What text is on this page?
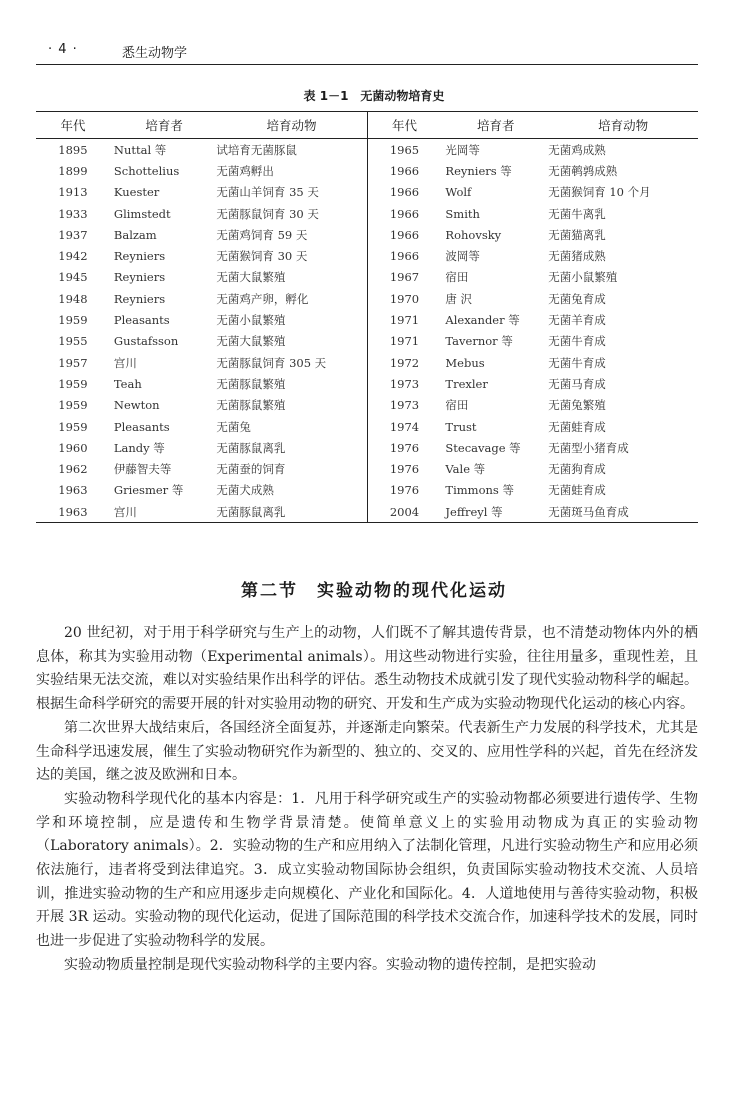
· 4 ·	悉生动物学
表 1－1　无菌动物培育史
年代	培育者	培育动物	年代	培育者	培育动物
1895	Nuttal 等	试培育无菌豚鼠	1965	光岡等	无菌鸡成熟
1899	Schottelius	无菌鸡孵出	1966	Reyniers 等	无菌鹌鹑成熟
1913	Kuester	无菌山羊饲育 35 天	1966	Wolf	无菌猴饲育 10 个月
1933	Glimstedt	无菌豚鼠饲育 30 天	1966	Smith	无菌牛离乳
1937	Balzam	无菌鸡饲育 59 天	1966	Rohovsky	无菌猫离乳
1942	Reyniers	无菌猴饲育 30 天	1966	波岡等	无菌猪成熟
1945	Reyniers	无菌大鼠繁殖	1967	宿田	无菌小鼠繁殖
1948	Reyniers	无菌鸡产卵，孵化	1970	唐 沢	无菌兔育成
1959	Pleasants	无菌小鼠繁殖	1971	Alexander 等	无菌羊育成
1955	Gustafsson	无菌大鼠繁殖	1971	Tavernor 等	无菌牛育成
1957	宫川	无菌豚鼠饲育 305 天	1972	Mebus	无菌牛育成
1959	Teah	无菌豚鼠繁殖	1973	Trexler	无菌马育成
1959	Newton	无菌豚鼠繁殖	1973	宿田	无菌兔繁殖
1959	Pleasants	无菌兔	1974	Trust	无菌蛙育成
1960	Landy 等	无菌豚鼠离乳	1976	Stecavage 等	无菌型小猪育成
1962	伊藤智夫等	无菌蚕的饲育	1976	Vale 等	无菌狗育成
1963	Griesmer 等	无菌犬成熟	1976	Timmons 等	无菌蛙育成
1963	宫川	无菌豚鼠离乳	2004	Jeffreyl 等	无菌斑马鱼育成
第二节　实验动物的现代化运动

20 世纪初，对于用于科学研究与生产上的动物，人们既不了解其遗传背景，也不清楚动物体内外的栖息体，称其为实验用动物（Experimental animals）。用这些动物进行实验，往往用量多，重现性差，且实验结果无法交流，难以对实验结果作出科学的评估。悉生动物技术成就引发了现代实验动物科学的崛起。根据生命科学研究的需要开展的针对实验用动物的研究、开发和生产成为实验动物现代化运动的核心内容。

第二次世界大战结束后，各国经济全面复苏，并逐渐走向繁荣。代表新生产力发展的科学技术，尤其是生命科学迅速发展，催生了实验动物研究作为新型的、独立的、交叉的、应用性学科的兴起，首先在经济发达的美国，继之波及欧洲和日本。

实验动物科学现代化的基本内容是：1．凡用于科学研究或生产的实验动物都必须要进行遗传学、生物学和环境控制，应是遗传和生物学背景清楚。使简单意义上的实验用动物成为真正的实验动物（Laboratory animals）。2．实验动物的生产和应用纳入了法制化管理，凡进行实验动物生产和应用必须依法施行，违者将受到法律追究。3．成立实验动物国际协会组织，负责国际实验动物技术交流、人员培训，推进实验动物的生产和应用逐步走向规模化、产业化和国际化。4．人道地使用与善待实验动物，积极开展 3R 运动。实验动物的现代化运动，促进了国际范围的科学技术交流合作，加速科学技术的发展，同时也进一步促进了实验动物科学的发展。

实验动物质量控制是现代实验动物科学的主要内容。实验动物的遗传控制，是把实验动
